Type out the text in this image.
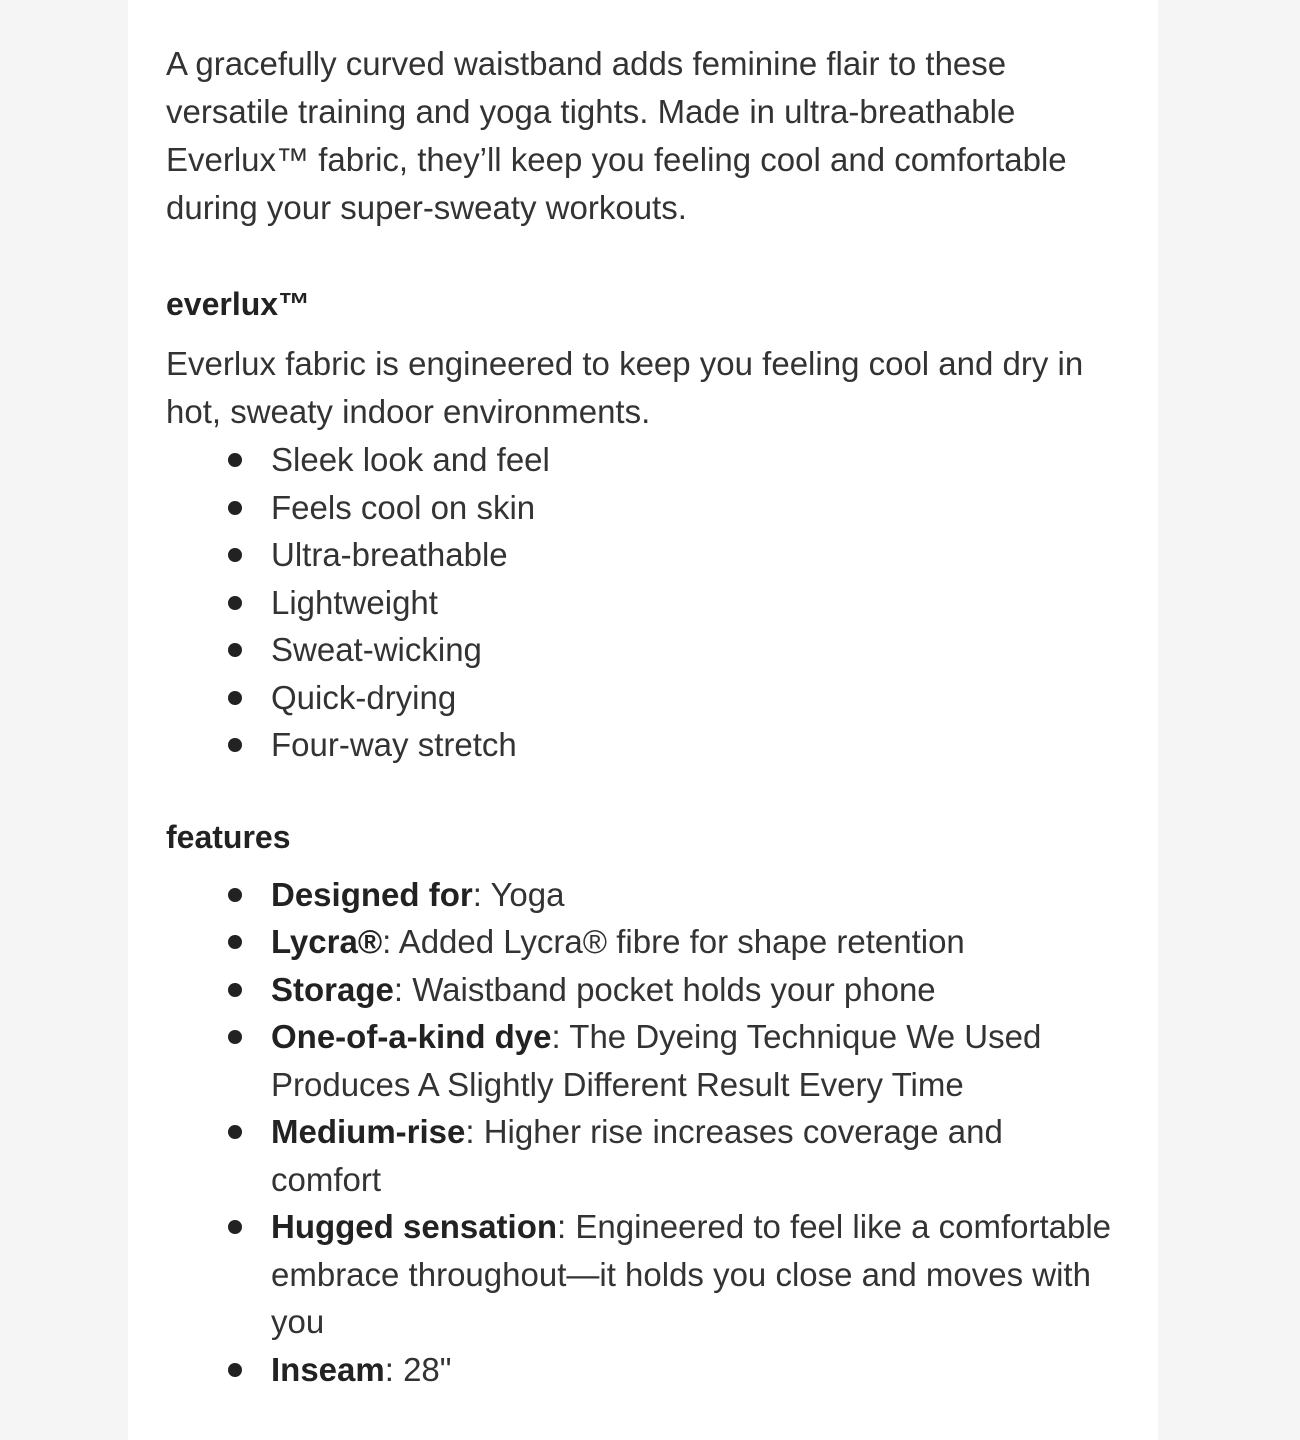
A gracefully curved waistband adds feminine flair to these versatile training and yoga tights. Made in ultra-breathable Everlux™ fabric, they’ll keep you feeling cool and comfortable during your super-sweaty workouts.

everlux™

Everlux fabric is engineered to keep you feeling cool and dry in hot, sweaty indoor environments.

Sleek look and feel
Feels cool on skin
Ultra-breathable
Lightweight
Sweat-wicking
Quick-drying
Four-way stretch
features
Designed for: Yoga
Lycra®: Added Lycra® fibre for shape retention
Storage: Waistband pocket holds your phone
One-of-a-kind dye: The Dyeing Technique We Used Produces A Slightly Different Result Every Time
Medium-rise: Higher rise increases coverage and comfort
Hugged sensation: Engineered to feel like a comfortable embrace throughout—it holds you close and moves with you
Inseam: 28"
